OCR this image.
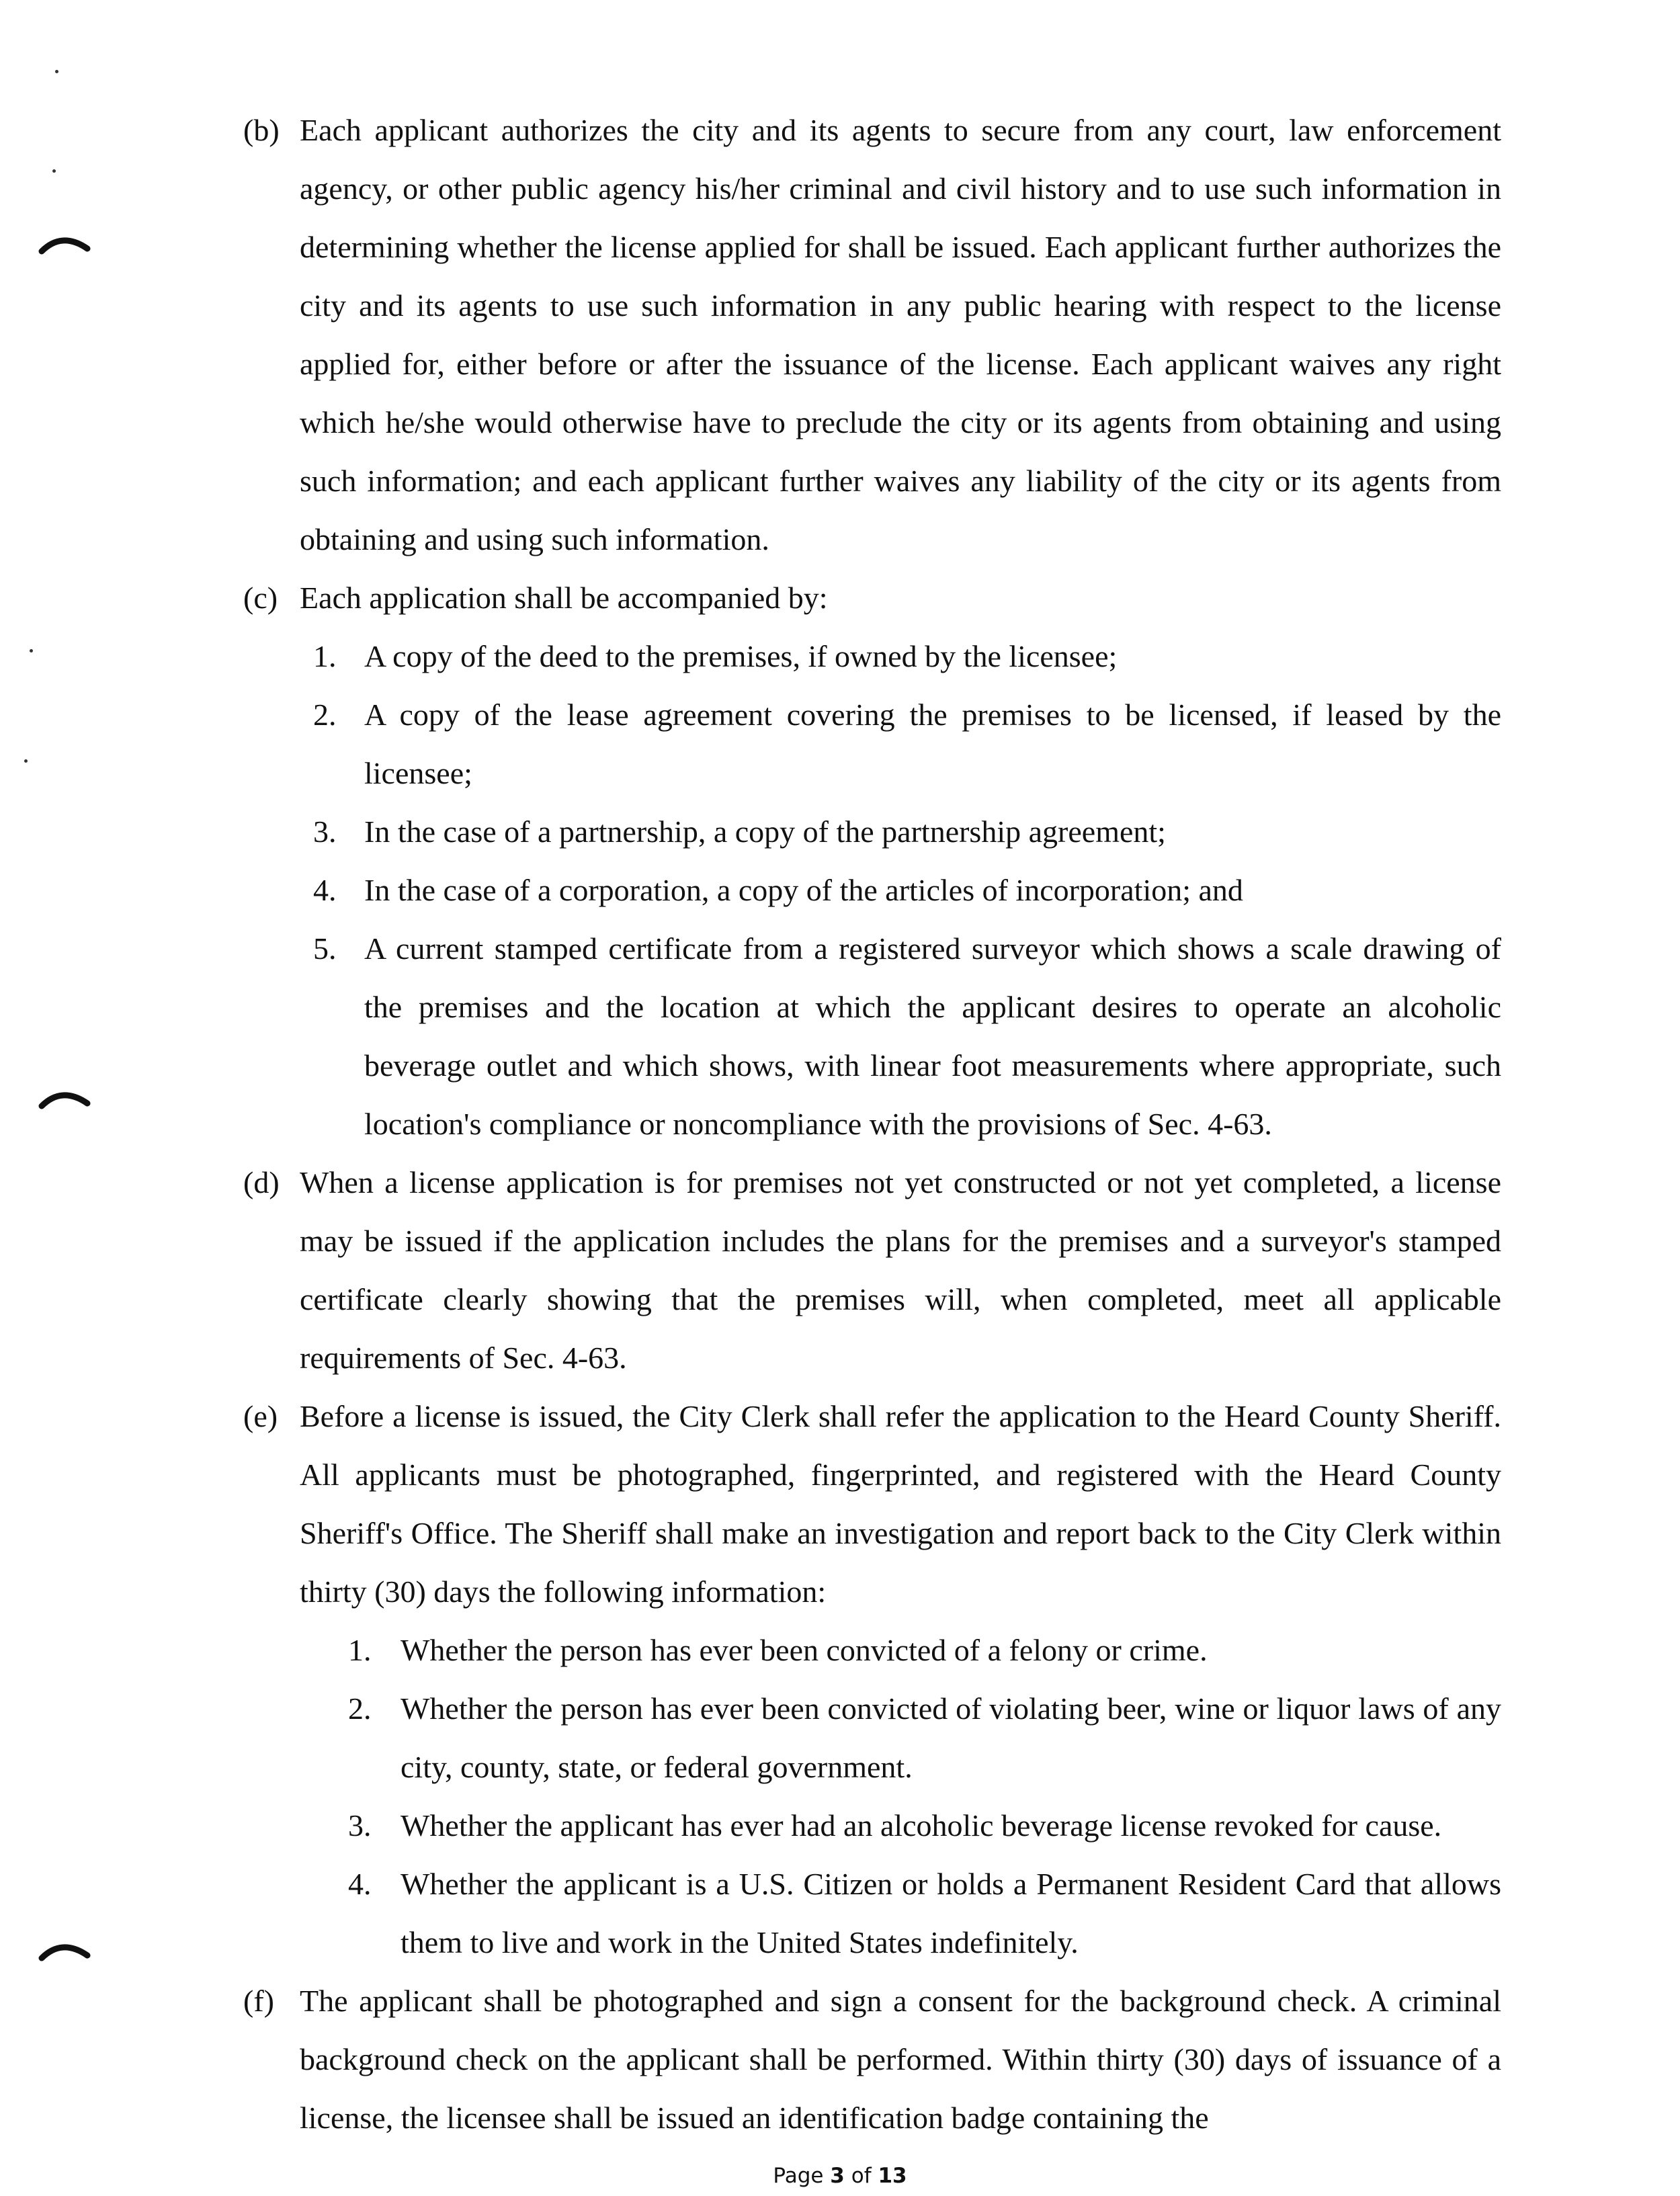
(b) Each applicant authorizes the city and its agents to secure from any court, law enforcement agency, or other public agency his/her criminal and civil history and to use such information in determining whether the license applied for shall be issued. Each applicant further authorizes the city and its agents to use such information in any public hearing with respect to the license applied for, either before or after the issuance of the license. Each applicant waives any right which he/she would otherwise have to preclude the city or its agents from obtaining and using such information; and each applicant further waives any liability of the city or its agents from obtaining and using such information.
(c) Each application shall be accompanied by:
1. A copy of the deed to the premises, if owned by the licensee;
2. A copy of the lease agreement covering the premises to be licensed, if leased by the licensee;
3. In the case of a partnership, a copy of the partnership agreement;
4. In the case of a corporation, a copy of the articles of incorporation; and
5. A current stamped certificate from a registered surveyor which shows a scale drawing of the premises and the location at which the applicant desires to operate an alcoholic beverage outlet and which shows, with linear foot measurements where appropriate, such location's compliance or noncompliance with the provisions of Sec. 4-63.
(d) When a license application is for premises not yet constructed or not yet completed, a license may be issued if the application includes the plans for the premises and a surveyor's stamped certificate clearly showing that the premises will, when completed, meet all applicable requirements of Sec. 4-63.
(e) Before a license is issued, the City Clerk shall refer the application to the Heard County Sheriff. All applicants must be photographed, fingerprinted, and registered with the Heard County Sheriff's Office. The Sheriff shall make an investigation and report back to the City Clerk within thirty (30) days the following information:
1. Whether the person has ever been convicted of a felony or crime.
2. Whether the person has ever been convicted of violating beer, wine or liquor laws of any city, county, state, or federal government.
3. Whether the applicant has ever had an alcoholic beverage license revoked for cause.
4. Whether the applicant is a U.S. Citizen or holds a Permanent Resident Card that allows them to live and work in the United States indefinitely.
(f) The applicant shall be photographed and sign a consent for the background check. A criminal background check on the applicant shall be performed. Within thirty (30) days of issuance of a license, the licensee shall be issued an identification badge containing the
Page 3 of 13
